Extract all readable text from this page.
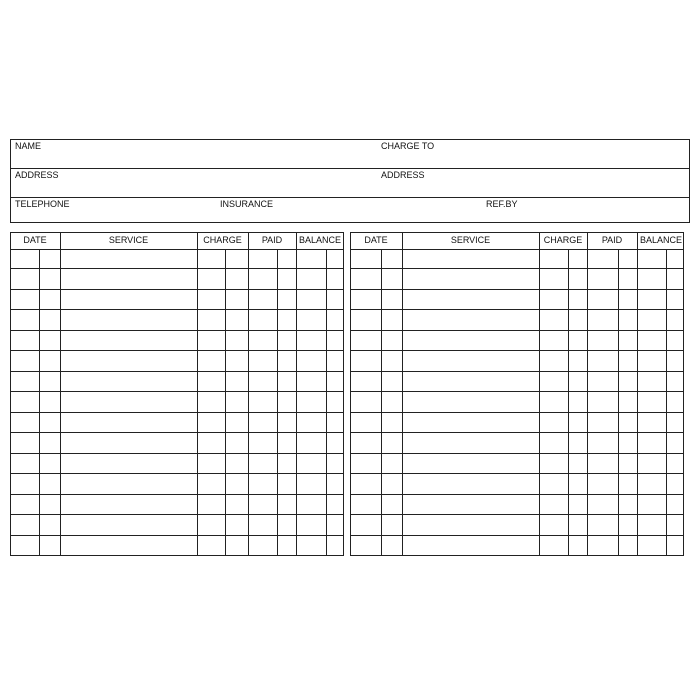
NAME	CHARGE TO
ADDRESS	ADDRESS
TELEPHONE	INSURANCE	REF.BY
DATE	SERVICE	CHARGE	PAID	BALANCE	DATE	SERVICE	CHARGE	PAID	BALANCE
